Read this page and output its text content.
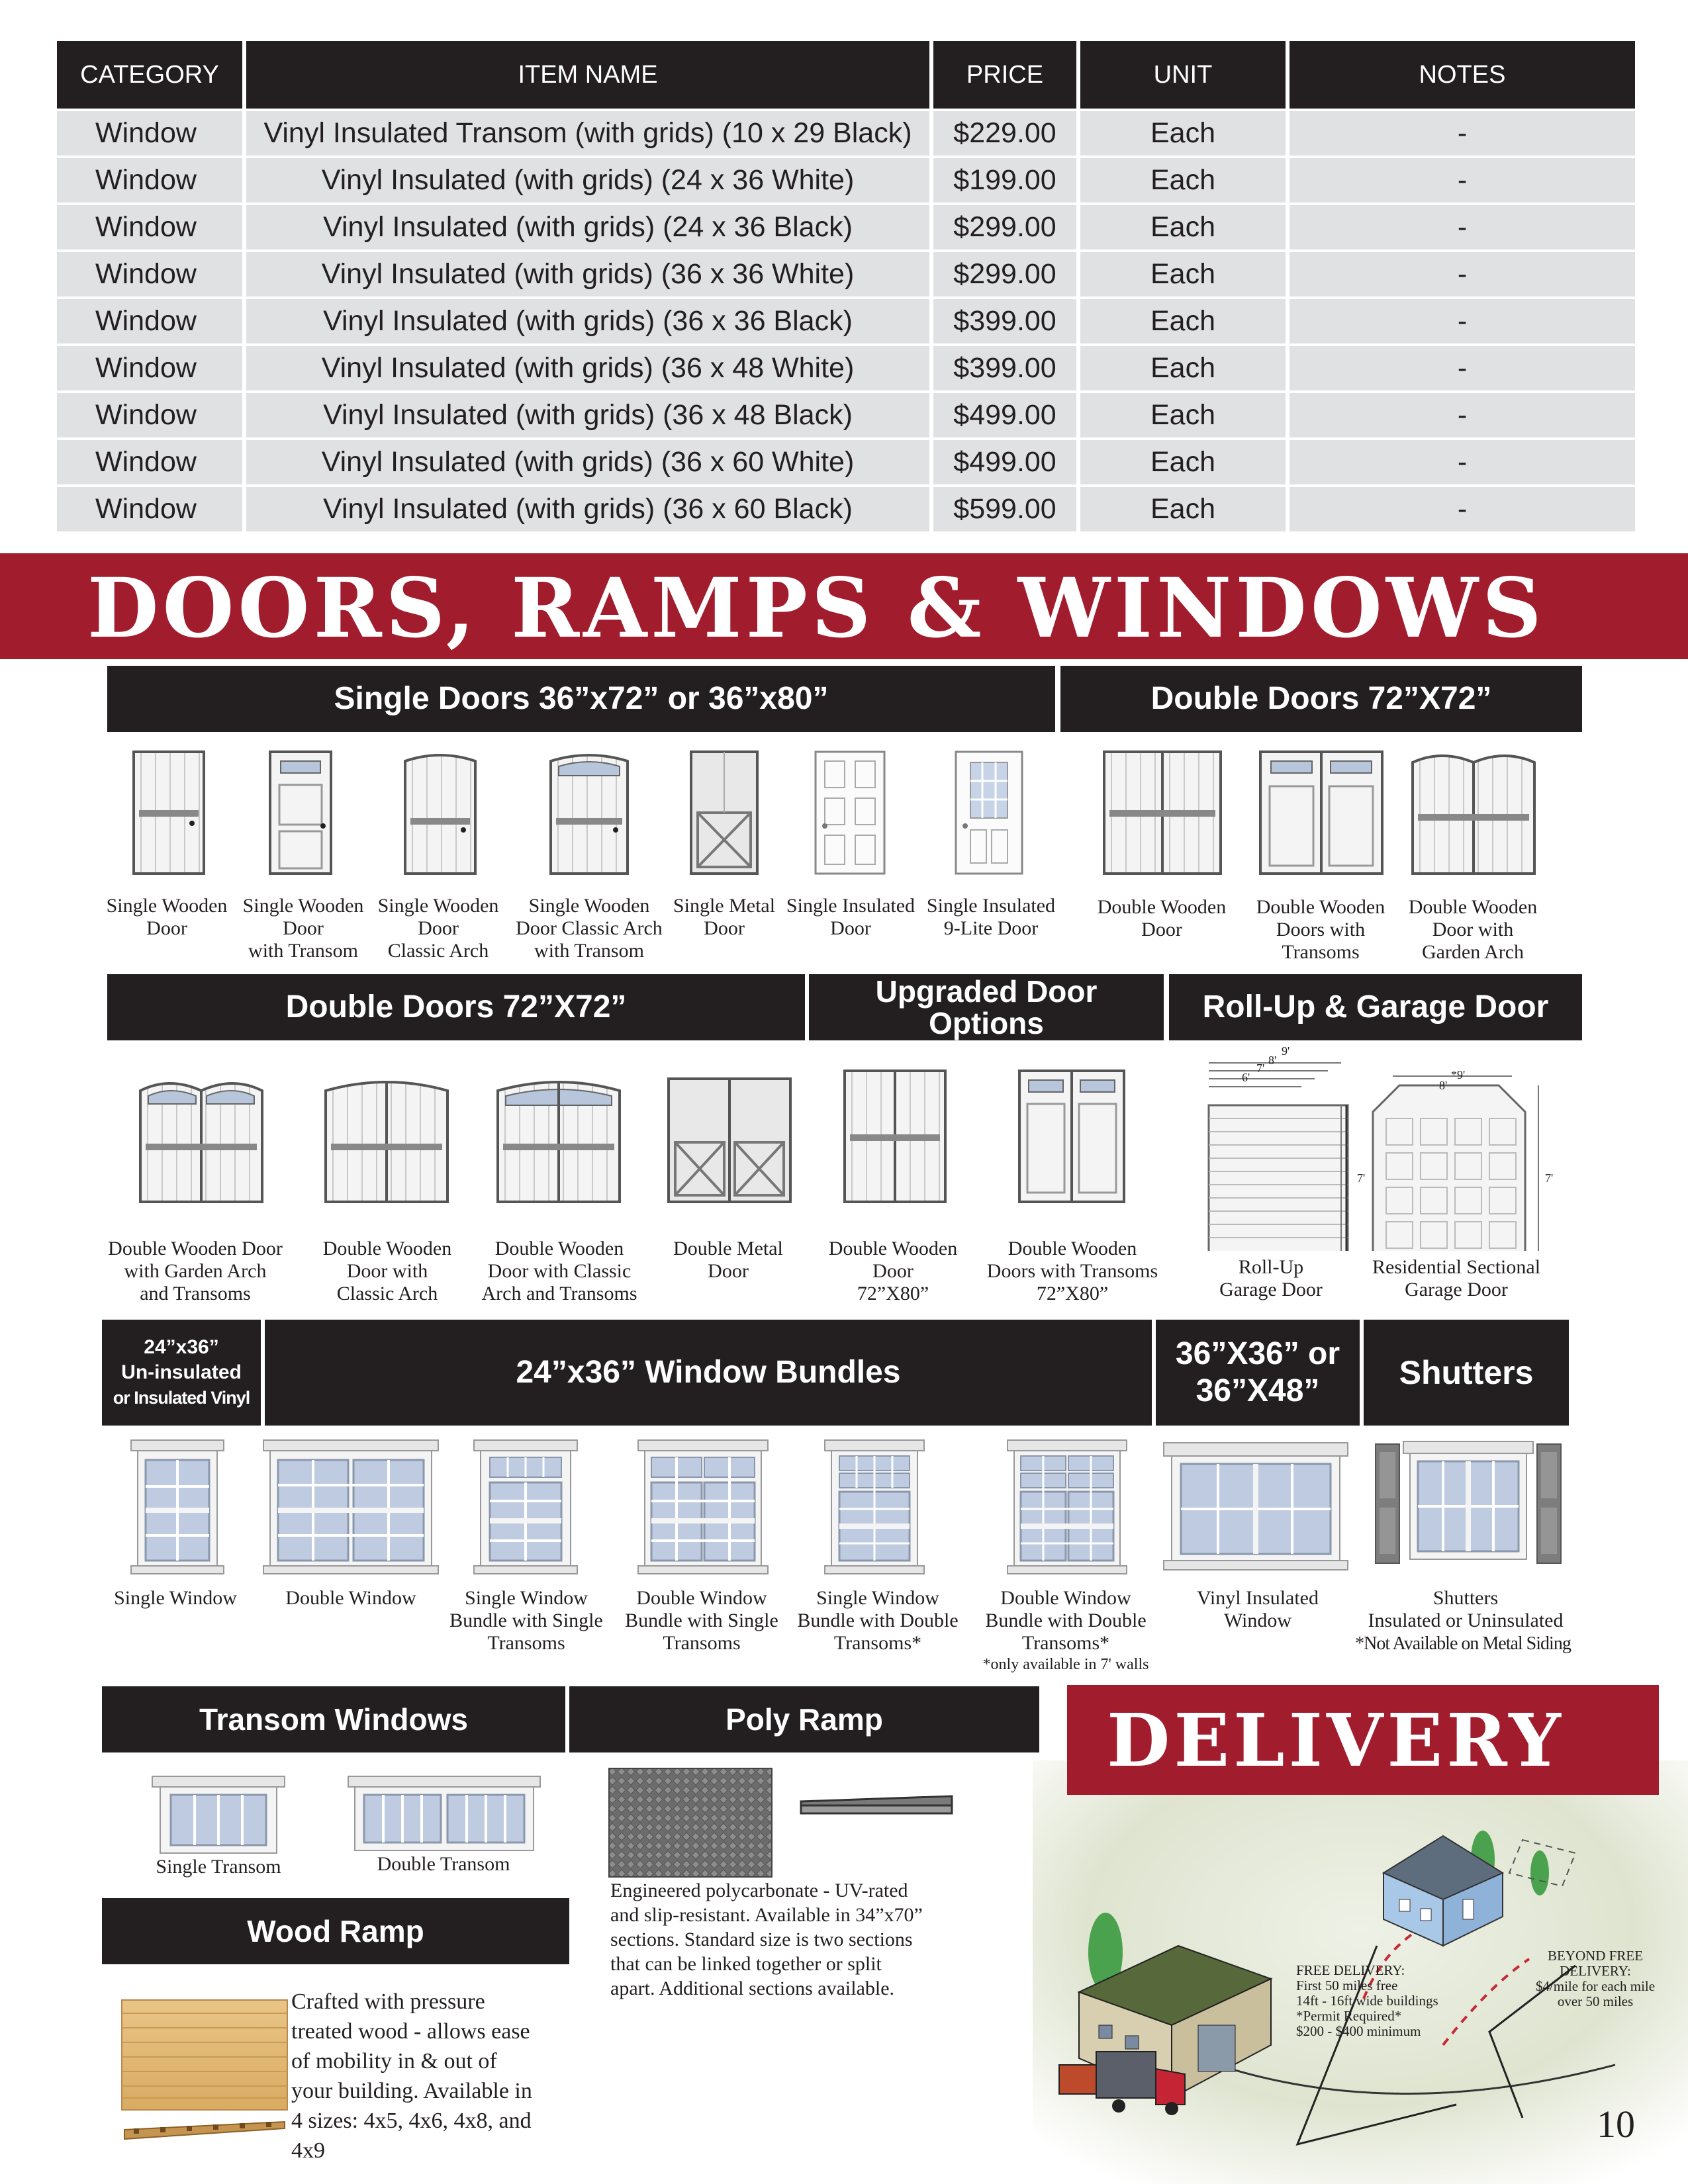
CATEGORY	ITEM NAME	PRICE	UNIT	NOTES
Window	Vinyl Insulated Transom (with grids) (10 x 29 Black)	$229.00	Each	-
Window	Vinyl Insulated (with grids) (24 x 36 White)	$199.00	Each	-
Window	Vinyl Insulated (with grids) (24 x 36 Black)	$299.00	Each	-
Window	Vinyl Insulated (with grids) (36 x 36 White)	$299.00	Each	-
Window	Vinyl Insulated (with grids) (36 x 36 Black)	$399.00	Each	-
Window	Vinyl Insulated (with grids) (36 x 48 White)	$399.00	Each	-
Window	Vinyl Insulated (with grids) (36 x 48 Black)	$499.00	Each	-
Window	Vinyl Insulated (with grids) (36 x 60 White)	$499.00	Each	-
Window	Vinyl Insulated (with grids) (36 x 60 Black)	$599.00	Each	-
DOORS, RAMPS & WINDOWS
Single Doors 36”x72” or 36”x80”	Double Doors 72”X72”
Single Wooden
Door
Single Wooden
Door
with Transom
Single Wooden
Door
Classic Arch
Single Wooden
Door Classic Arch
with Transom
Single Metal
Door
Single Insulated
Door
Single Insulated
9-Lite Door
Double Wooden
Door
Double Wooden
Doors with
Transoms
Double Wooden
Door with
Garden Arch
Double Doors 72”X72”	Upgraded Door
Options	Roll-Up & Garage Door
9'
8'
7'
6'
7'
*9'
8'
7'
Double Wooden Door
with Garden Arch
and Transoms
Double Wooden
Door with
Classic Arch
Double Wooden
Door with Classic
Arch and Transoms
Double Metal
Door
Double Wooden
Door
72”X80”
Double Wooden
Doors with Transoms
72”X80”
Roll-Up
Garage Door
Residential Sectional
Garage Door
24”x36”
Un-insulated
or Insulated Vinyl
24”x36” Window Bundles
36”X36” or
36”X48”	Shutters
Single Window	Double Window	Single Window
Bundle with Single
Transoms
Double Window
Bundle with Single
Transoms
Single Window
Bundle with Double
Transoms*
Double Window
Bundle with Double
Transoms*
Vinyl Insulated
Window
Shutters
Insulated or Uninsulated
*only available in 7' walls
*Not Available on Metal Siding
Transom Windows	Poly Ramp
Single Transom	Double Transom
Engineered polycarbonate - UV-rated
and slip-resistant. Available in 34”x70”
sections. Standard size is two sections
that can be linked together or split
apart. Additional sections available.
Wood Ramp
Crafted with pressure
treated wood - allows ease
of mobility in & out of
your building. Available in
4 sizes: 4x5, 4x6, 4x8, and
4x9
DELIVERY
FREE DELIVERY:
First 50 miles free
14ft - 16ft wide buildings
*Permit Required*
$200 - $400 minimum
BEYOND FREE
DELIVERY:
$4/mile for each mile
over 50 miles
10
